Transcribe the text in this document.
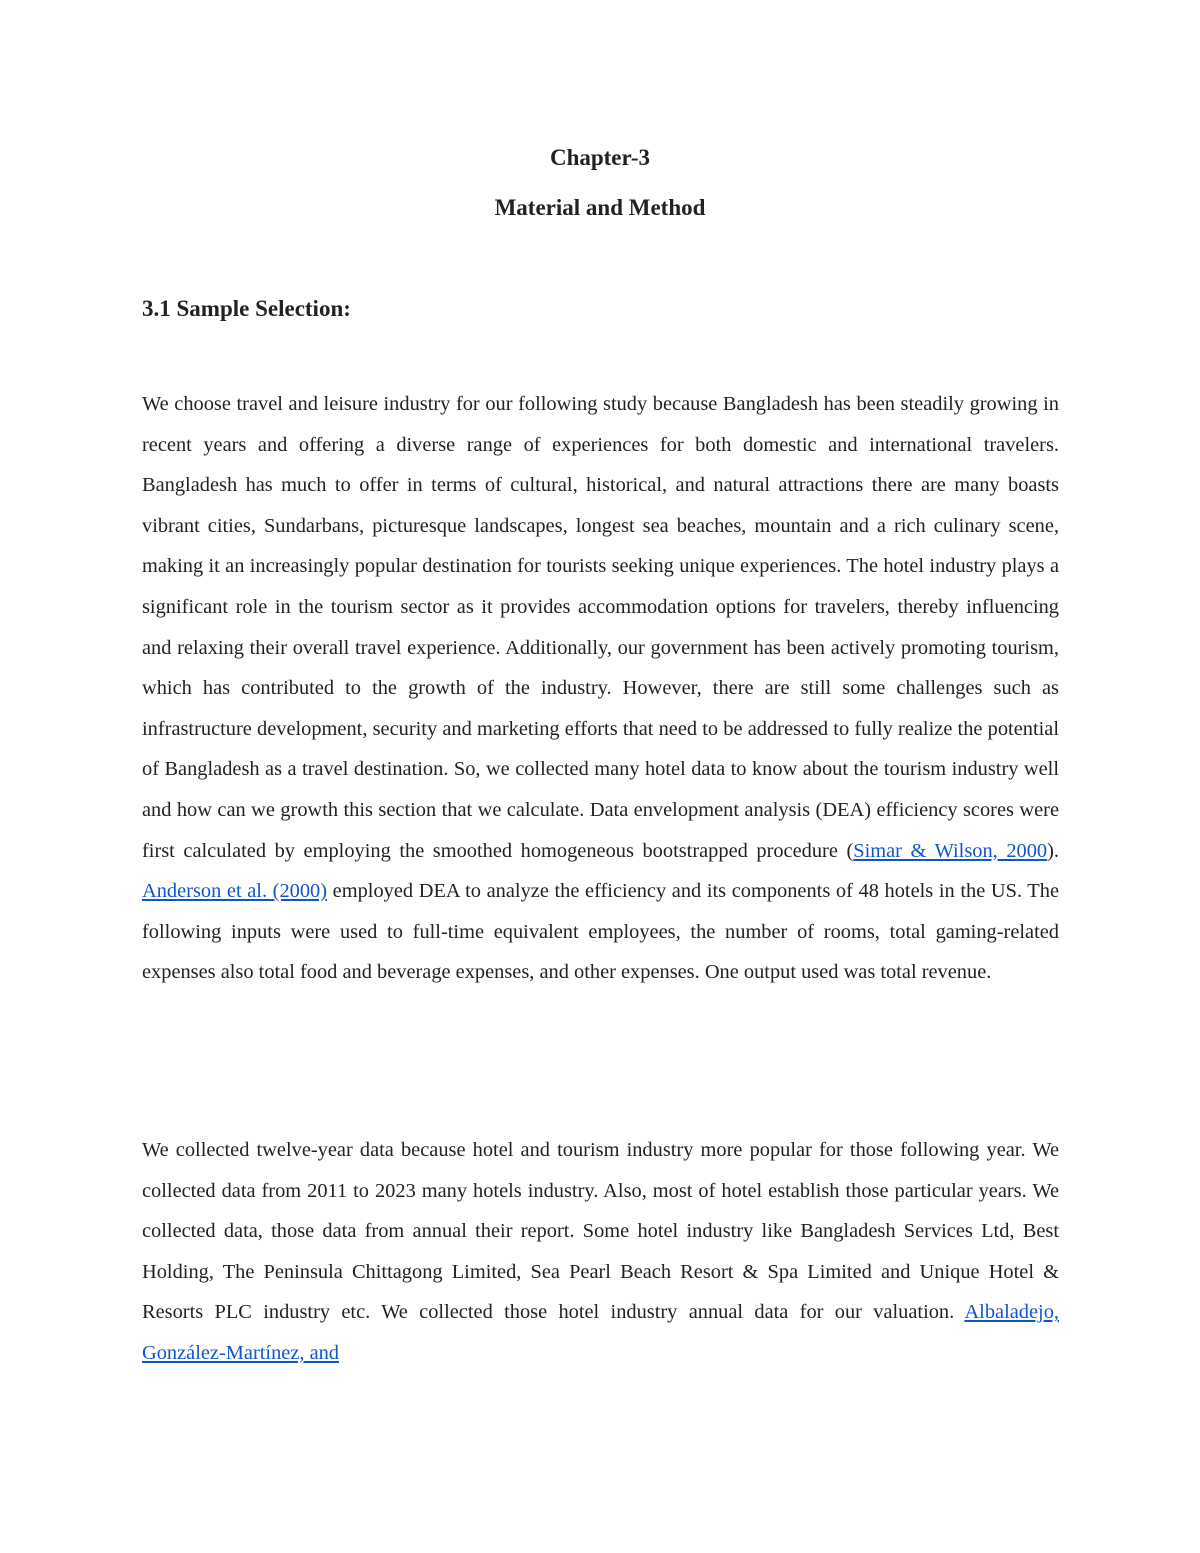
Chapter-3
Material and Method
3.1 Sample Selection:

We choose travel and leisure industry for our following study because Bangladesh has been steadily growing in recent years and offering a diverse range of experiences for both domestic and international travelers. Bangladesh has much to offer in terms of cultural, historical, and natural attractions there are many boasts vibrant cities, Sundarbans, picturesque landscapes, longest sea beaches, mountain and a rich culinary scene, making it an increasingly popular destination for tourists seeking unique experiences. The hotel industry plays a significant role in the tourism sector as it provides accommodation options for travelers, thereby influencing and relaxing their overall travel experience. Additionally, our government has been actively promoting tourism, which has contributed to the growth of the industry. However, there are still some challenges such as infrastructure development, security and marketing efforts that need to be addressed to fully realize the potential of Bangladesh as a travel destination. So, we collected many hotel data to know about the tourism industry well and how can we growth this section that we calculate. Data envelopment analysis (DEA) efficiency scores were first calculated by employing the smoothed homogeneous bootstrapped procedure (Simar & Wilson, 2000). Anderson et al. (2000) employed DEA to analyze the efficiency and its components of 48 hotels in the US. The following inputs were used to full-time equivalent employees, the number of rooms, total gaming-related expenses also total food and beverage expenses, and other expenses. One output used was total revenue.

We collected twelve-year data because hotel and tourism industry more popular for those following year. We collected data from 2011 to 2023 many hotels industry. Also, most of hotel establish those particular years. We collected data, those data from annual their report. Some hotel industry like Bangladesh Services Ltd, Best Holding, The Peninsula Chittagong Limited, Sea Pearl Beach Resort & Spa Limited and Unique Hotel & Resorts PLC industry etc. We collected those hotel industry annual data for our valuation. Albaladejo, González-Martínez, and
